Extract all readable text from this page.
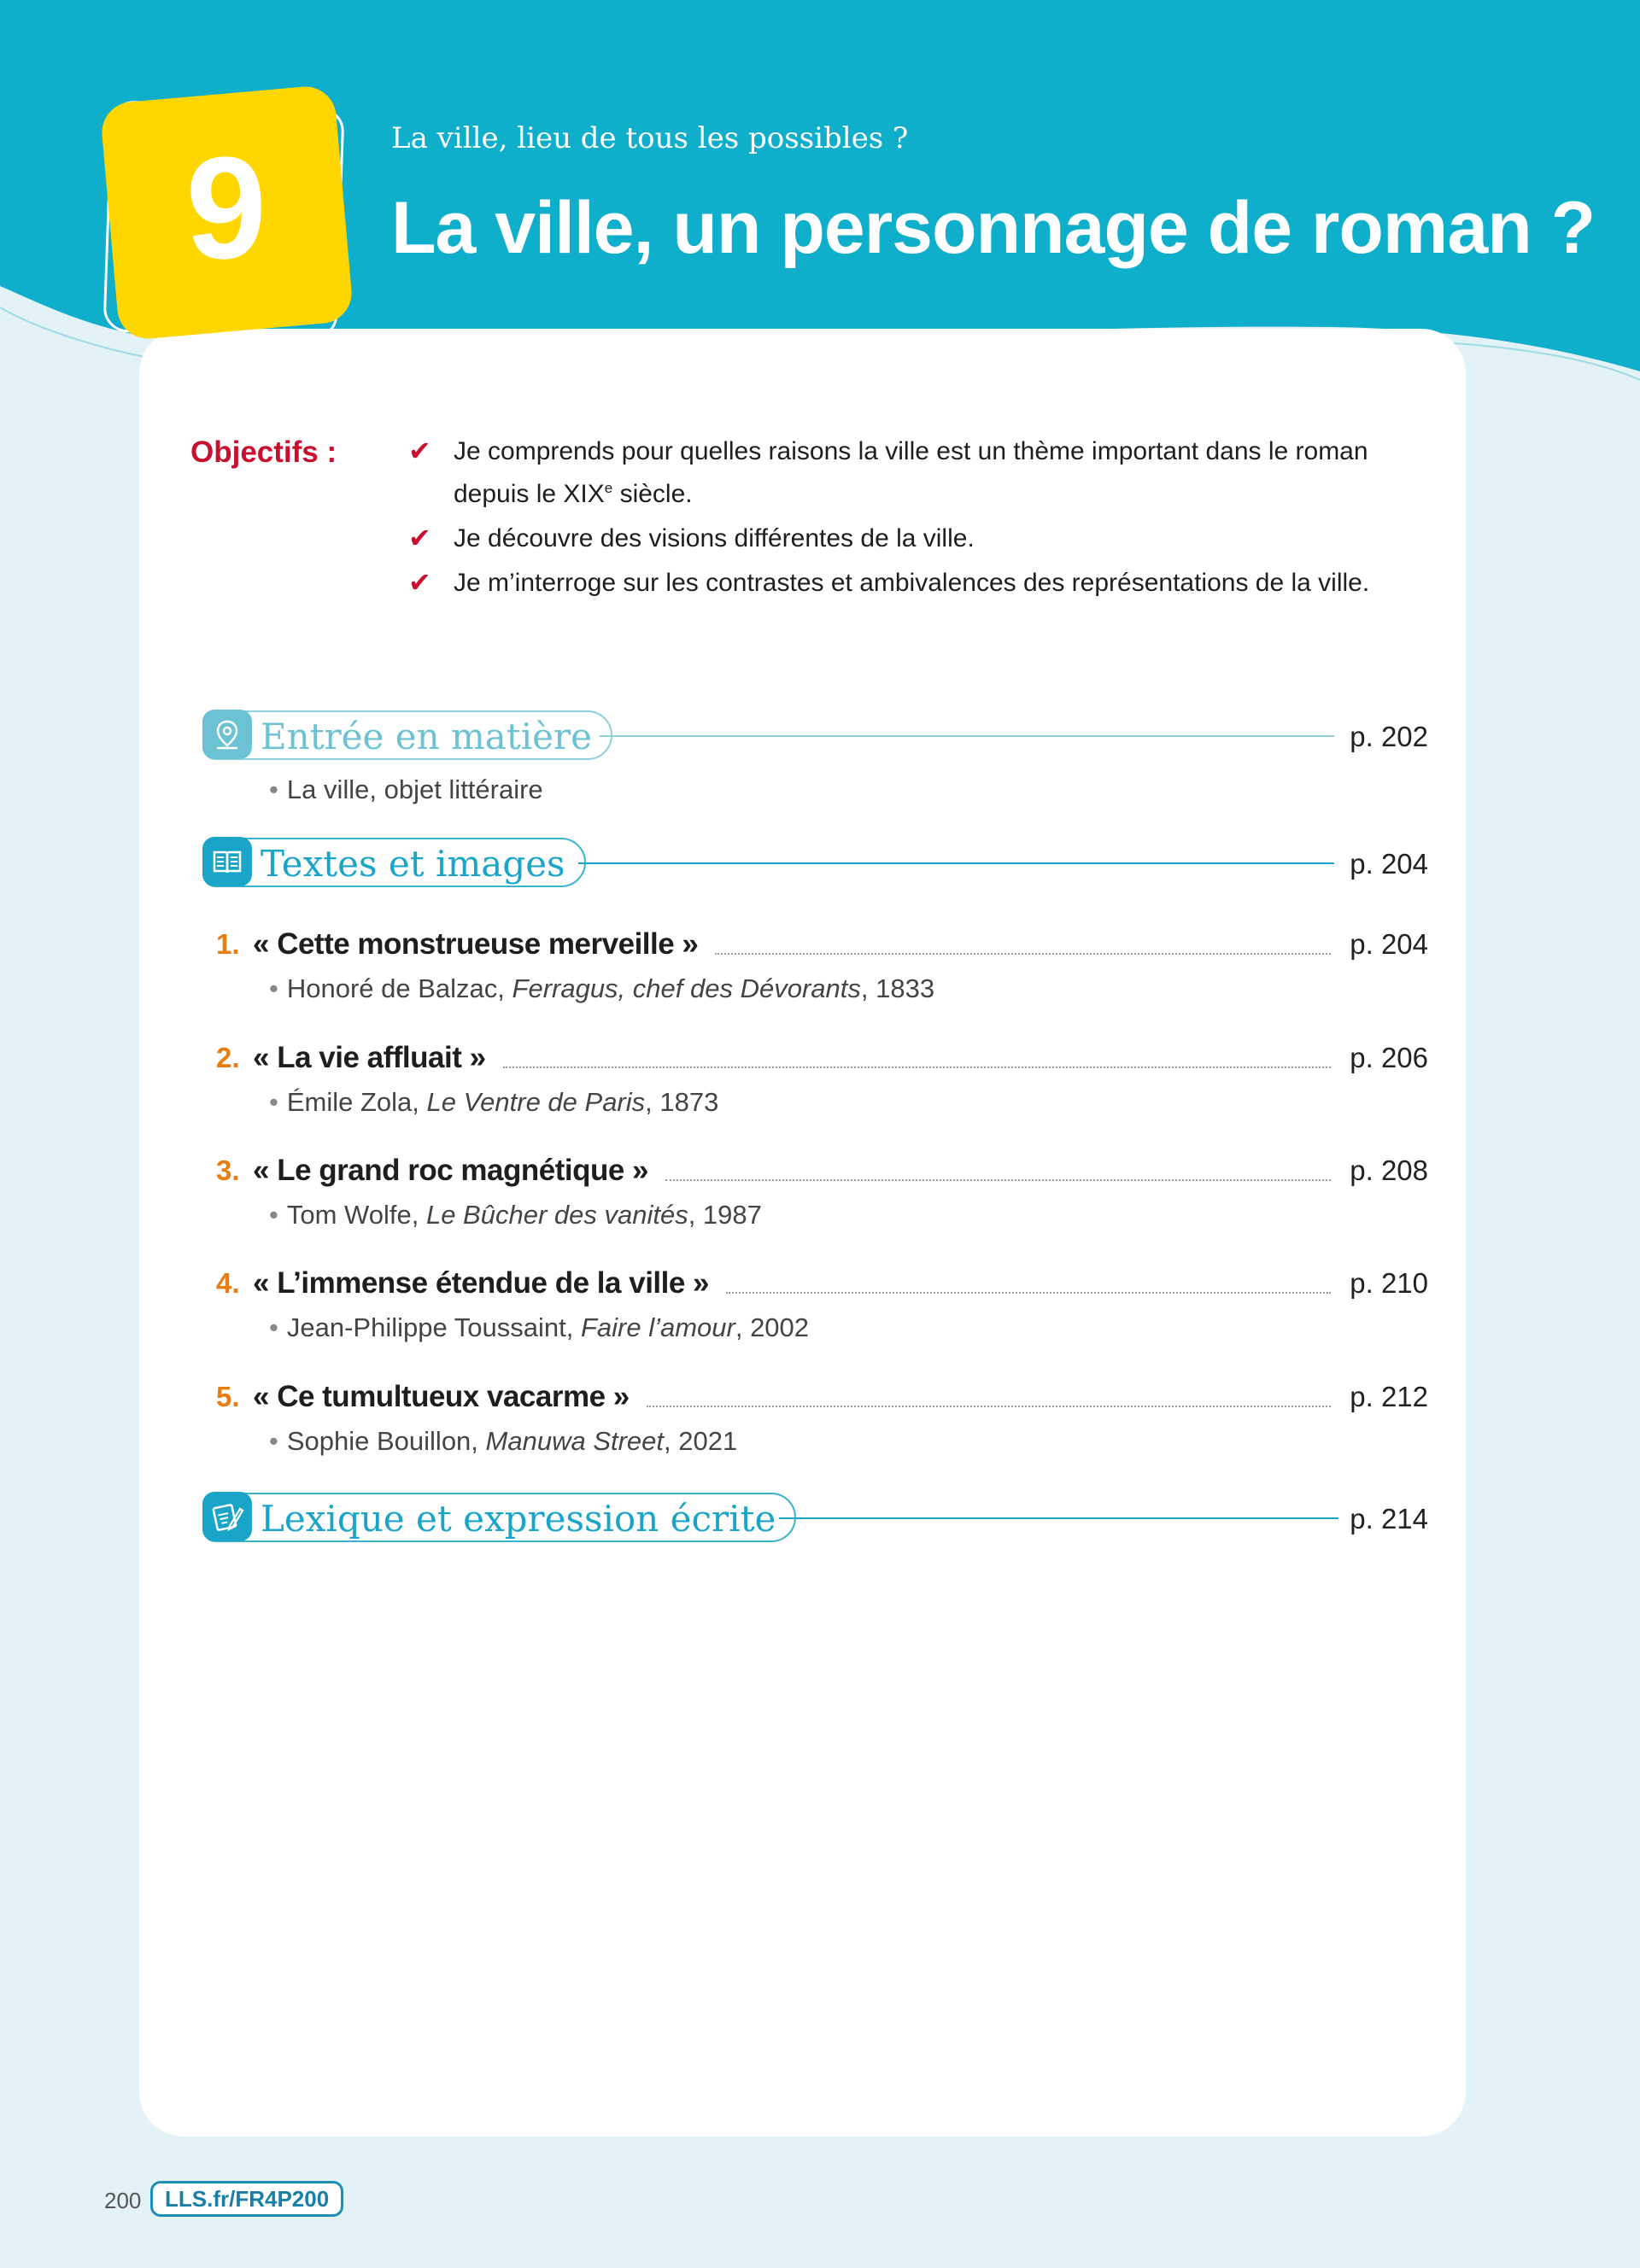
9	La ville, lieu de tous les possibles ?
La ville, un personnage de roman ?
Objectifs :	✔ Je comprends pour quelles raisons la ville est un thème important dans le roman depuis le XIXe siècle.
✔ Je découvre des visions différentes de la ville.
✔ Je m’interroge sur les contrastes et ambivalences des représentations de la ville.
Entrée en matière	p. 202
• La ville, objet littéraire
Textes et images	p. 204
1. « Cette monstrueuse merveille »	p. 204
• Honoré de Balzac, Ferragus, chef des Dévorants, 1833
2. « La vie affluait »	p. 206
• Émile Zola, Le Ventre de Paris, 1873
3. « Le grand roc magnétique »	p. 208
• Tom Wolfe, Le Bûcher des vanités, 1987
4. « L’immense étendue de la ville »	p. 210
• Jean-Philippe Toussaint, Faire l’amour, 2002
5. « Ce tumultueux vacarme »	p. 212
• Sophie Bouillon, Manuwa Street, 2021
Lexique et expression écrite	p. 214
200	LLS.fr/FR4P200
